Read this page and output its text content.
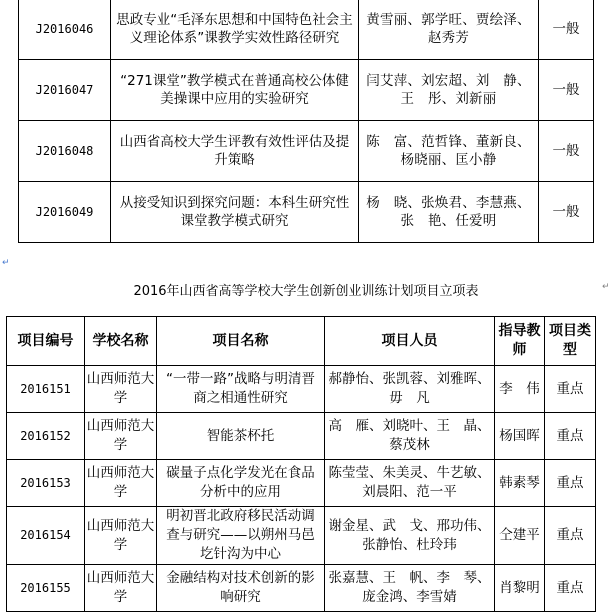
J2016046	思政专业“毛泽东思想和中国特色社会主义理论体系”课教学实效性路径研究	黄雪丽、郭学旺、贾绘泽、赵秀芳	一般
J2016047	“271课堂”教学模式在普通高校公体健美操课中应用的实验研究	闫艾萍、刘宏超、刘　静、王　彤、刘新丽	一般
J2016048	山西省高校大学生评教有效性评估及提升策略	陈　富、范哲锋、董新良、杨晓丽、匡小静	一般
J2016049	从接受知识到探究问题：本科生研究性课堂教学模式研究	杨　晓、张焕君、李慧燕、张　艳、任爱明	一般
↵
2016年山西省高等学校大学生创新创业训练计划项目立项表	↵
项目编号	学校名称	项目名称	项目人员	指导教师	项目类型
2016151	山西师范大学	“一带一路”战略与明清晋商之相通性研究	郝静怡、张凯蓉、刘雅晖、毋　凡	李　伟	重点
2016152	山西师范大学	智能茶杯托	高　雁、刘晓叶、王　晶、蔡茂林	杨国晖	重点
2016153	山西师范大学	碳量子点化学发光在食品分析中的应用	陈莹莹、朱美灵、牛艺敏、刘晨阳、范一平	韩素琴	重点
2016154	山西师范大学	明初晋北政府移民活动调查与研究——以朔州马邑圪针沟为中心	谢金星、武　戈、邢功伟、张静怡、杜玲玮	仝建平	重点
2016155	山西师范大学	金融结构对技术创新的影响研究	张嘉慧、王　帆、李　琴、庞金鸿、李雪婧	肖黎明	重点
